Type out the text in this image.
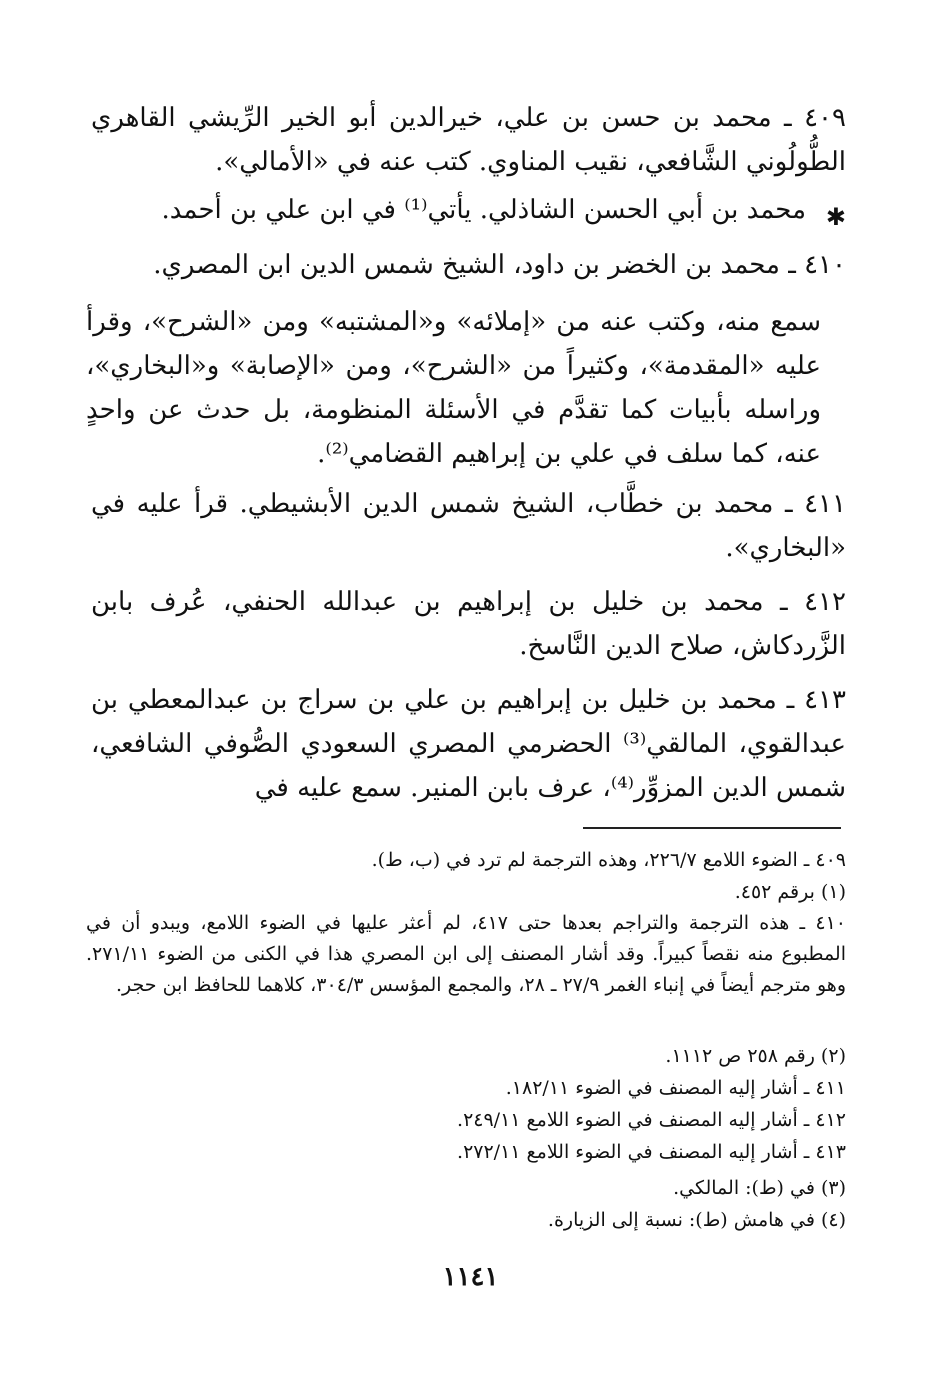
٤٠٩ ـ محمد بن حسن بن علي، خيرالدين أبو الخير الرِّيشي القاهري الطُّولُوني الشَّافعي، نقيب المناوي. كتب عنه في «الأمالي».
✱
محمد بن أبي الحسن الشاذلي. يأتي⁽¹⁾ في ابن علي بن أحمد.
٤١٠ ـ محمد بن الخضر بن داود، الشيخ شمس الدين ابن المصري.
سمع منه، وكتب عنه من «إملائه» و«المشتبه» ومن «الشرح»، وقرأ عليه «المقدمة»، وكثيراً من «الشرح»، ومن «الإصابة» و«البخاري»، وراسله بأبيات كما تقدَّم في الأسئلة المنظومة، بل حدث عن واحدٍ عنه، كما سلف في علي بن إبراهيم القضامي⁽²⁾.
٤١١ ـ محمد بن خطَّاب، الشيخ شمس الدين الأبشيطي. قرأ عليه في «البخاري».
٤١٢ ـ محمد بن خليل بن إبراهيم بن عبدالله الحنفي، عُرف بابن الزَّردكاش، صلاح الدين النَّاسخ.
٤١٣ ـ محمد بن خليل بن إبراهيم بن علي بن سراج بن عبدالمعطي بن عبدالقوي، المالقي⁽³⁾ الحضرمي المصري السعودي الصُّوفي الشافعي، شمس الدين المزوِّر⁽⁴⁾، عرف بابن المنير. سمع عليه في
٤٠٩ ـ الضوء اللامع ٢٢٦/٧، وهذه الترجمة لم ترد في (ب، ط).
(١) برقم ٤٥٢.
٤١٠ ـ هذه الترجمة والتراجم بعدها حتى ٤١٧، لم أعثر عليها في الضوء اللامع، ويبدو أن في المطبوع منه نقصاً كبيراً. وقد أشار المصنف إلى ابن المصري هذا في الكنى من الضوء ٢٧١/١١. وهو مترجم أيضاً في إنباء الغمر ٢٧/٩ ـ ٢٨، والمجمع المؤسس ٣٠٤/٣، كلاهما للحافظ ابن حجر.
(٢) رقم ٢٥٨ ص ١١١٢.
٤١١ ـ أشار إليه المصنف في الضوء ١٨٢/١١.
٤١٢ ـ أشار إليه المصنف في الضوء اللامع ٢٤٩/١١.
٤١٣ ـ أشار إليه المصنف في الضوء اللامع ٢٧٢/١١.
(٣) في (ط): المالكي.
(٤) في هامش (ط): نسبة إلى الزيارة.
١١٤١
